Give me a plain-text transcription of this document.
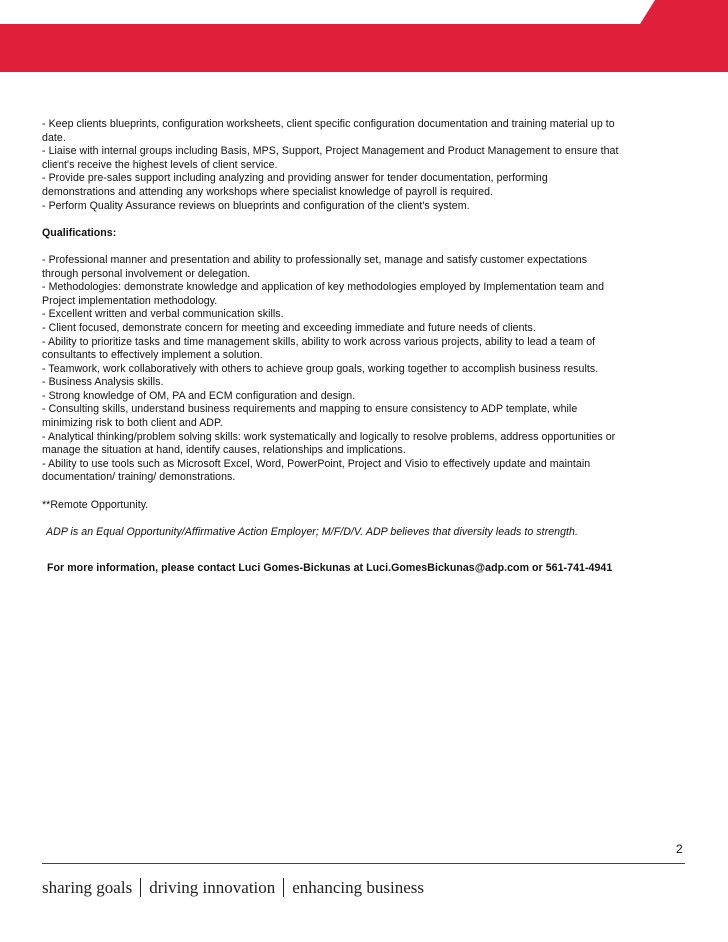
- Keep clients blueprints, configuration worksheets, client specific configuration documentation and training material up to

date.

- Liaise with internal groups including Basis, MPS, Support, Project Management and Product Management to ensure that

client's receive the highest levels of client service.

- Provide pre-sales support including analyzing and providing answer for tender documentation, performing

demonstrations and attending any workshops where specialist knowledge of payroll is required.

- Perform Quality Assurance reviews on blueprints and configuration of the client's system.

Qualifications:

- Professional manner and presentation and ability to professionally set, manage and satisfy customer expectations

through personal involvement or delegation.

- Methodologies: demonstrate knowledge and application of key methodologies employed by Implementation team and

Project implementation methodology.

- Excellent written and verbal communication skills.

- Client focused, demonstrate concern for meeting and exceeding immediate and future needs of clients.

- Ability to prioritize tasks and time management skills, ability to work across various projects, ability to lead a team of

consultants to effectively implement a solution.

- Teamwork, work collaboratively with others to achieve group goals, working together to accomplish business results.

- Business Analysis skills.

- Strong knowledge of OM, PA and ECM configuration and design.

- Consulting skills, understand business requirements and mapping to ensure consistency to ADP template, while

minimizing risk to both client and ADP.

- Analytical thinking/problem solving skills: work systematically and logically to resolve problems, address opportunities or

manage the situation at hand, identify causes, relationships and implications.

- Ability to use tools such as Microsoft Excel, Word, PowerPoint, Project and Visio to effectively update and maintain

documentation/ training/ demonstrations.

**Remote Opportunity.

ADP is an Equal Opportunity/Affirmative Action Employer; M/F/D/V. ADP believes that diversity leads to strength.

For more information, please contact Luci Gomes-Bickunas at Luci.GomesBickunas@adp.com or 561-741-4941

2
sharing goals driving innovation enhancing business
